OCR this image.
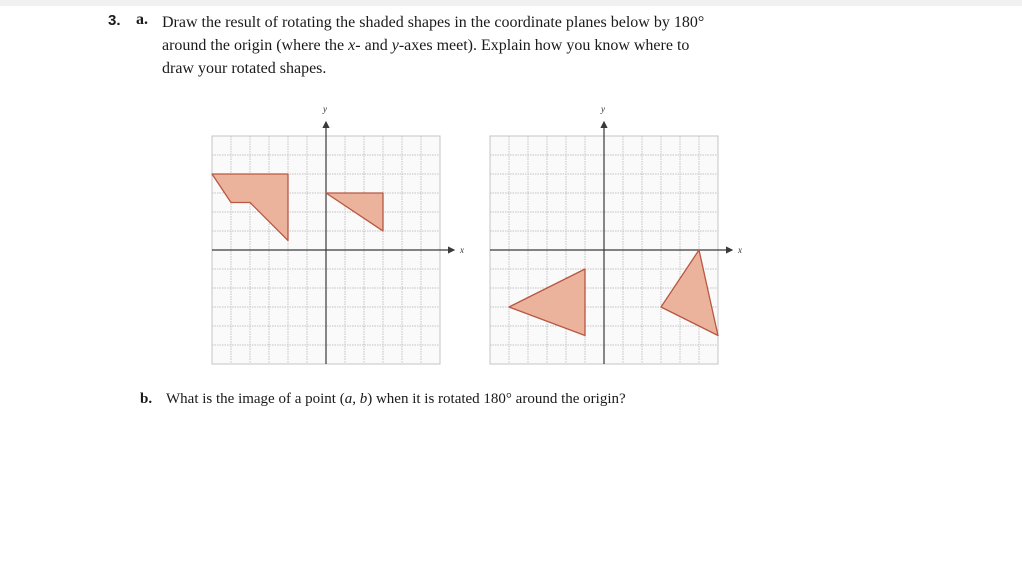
3. a. Draw the result of rotating the shaded shapes in the coordinate planes below by 180°
around the origin (where the x- and y-axes meet). Explain how you know where to
draw your rotated shapes.
x
y
x
y
b. What is the image of a point (a, b) when it is rotated 180° around the origin?
